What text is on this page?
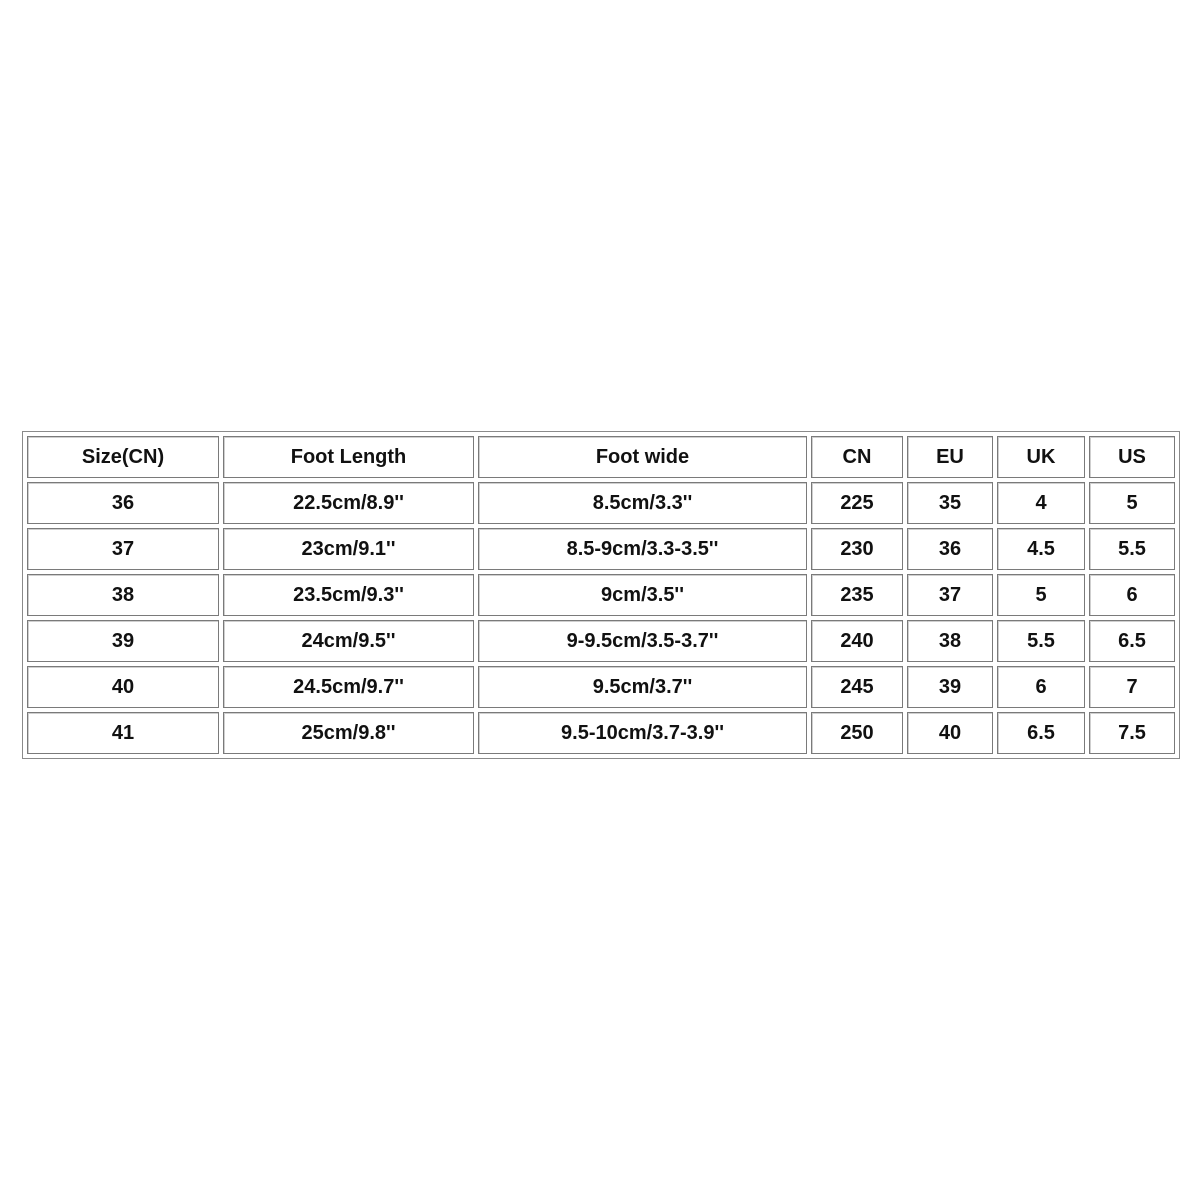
Size(CN)	Foot Length	Foot wide	CN	EU	UK	US
36	22.5cm/8.9''	8.5cm/3.3''	225	35	4	5
37	23cm/9.1''	8.5-9cm/3.3-3.5''	230	36	4.5	5.5
38	23.5cm/9.3''	9cm/3.5''	235	37	5	6
39	24cm/9.5''	9-9.5cm/3.5-3.7''	240	38	5.5	6.5
40	24.5cm/9.7''	9.5cm/3.7''	245	39	6	7
41	25cm/9.8''	9.5-10cm/3.7-3.9''	250	40	6.5	7.5
